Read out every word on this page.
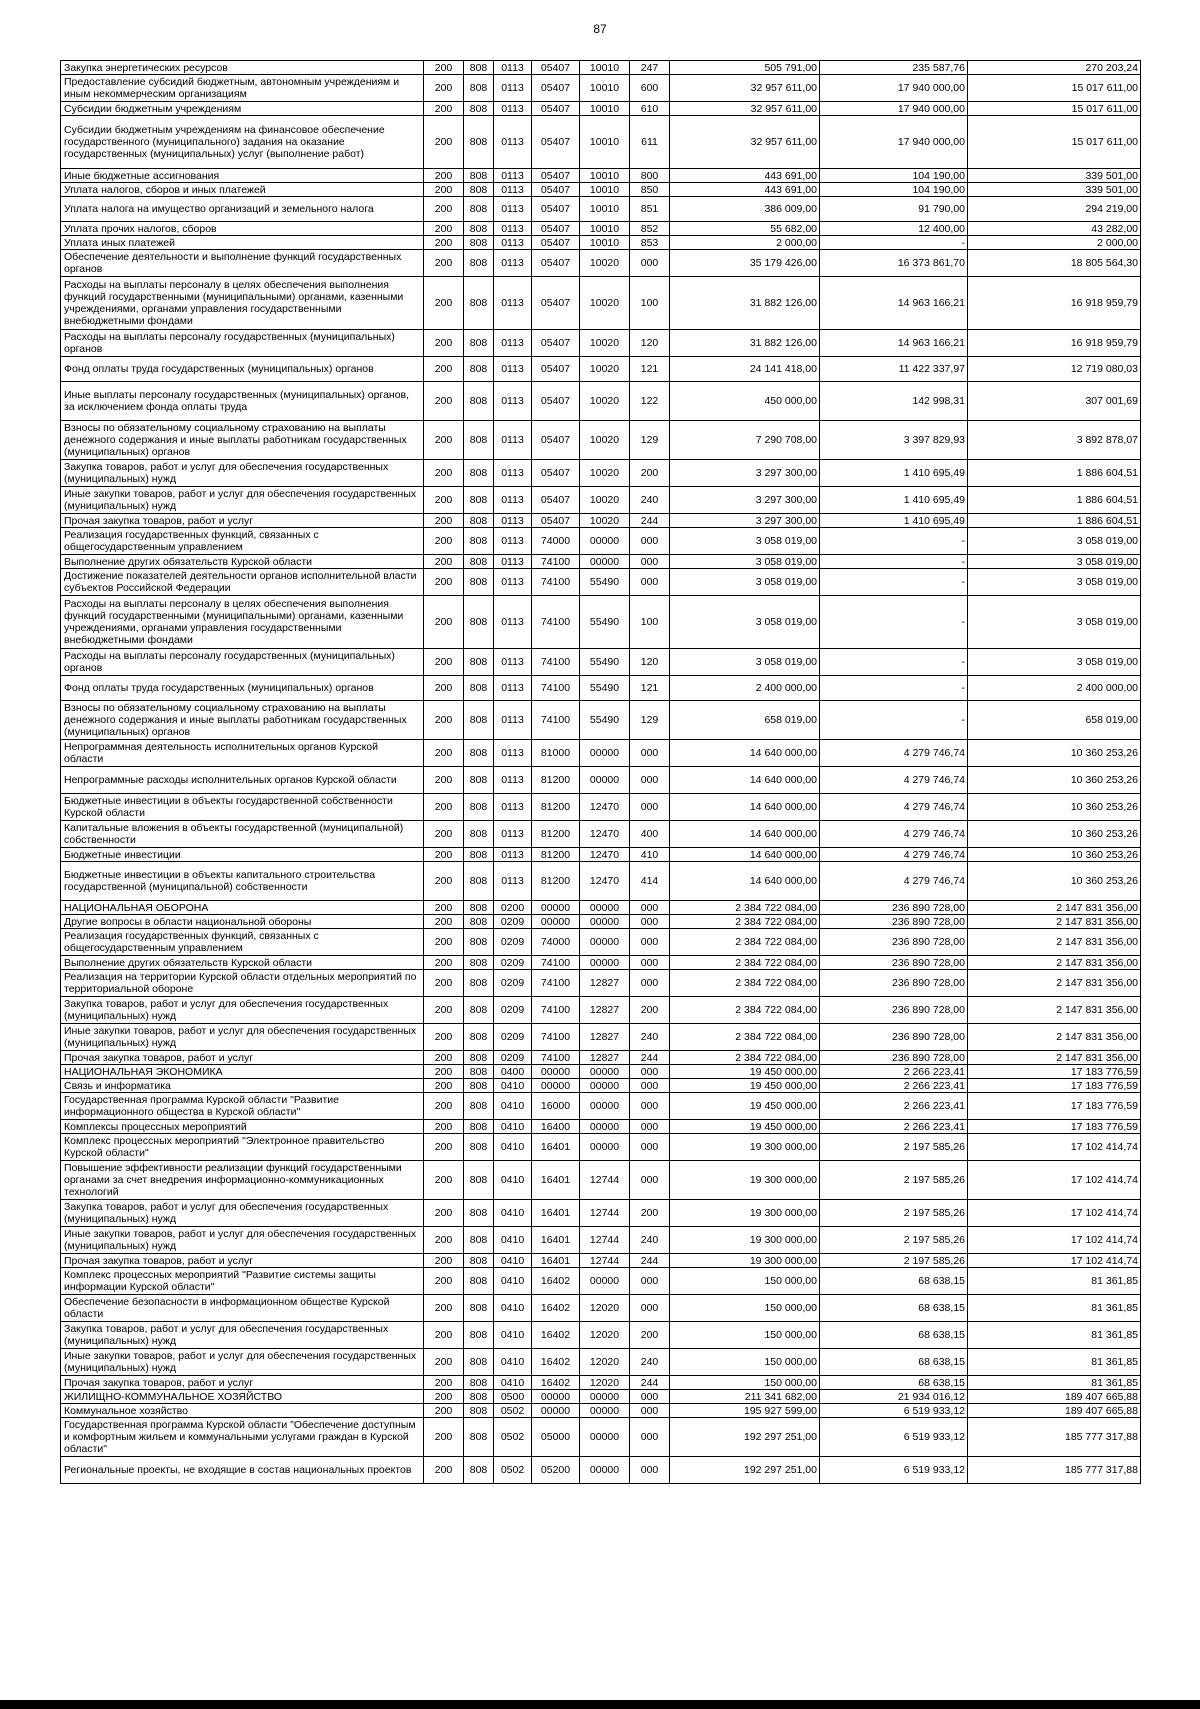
87
Закупка энергетических ресурсов	200	808	0113	05407	10010	247	505 791,00	235 587,76	270 203,24
Предоставление субсидий бюджетным, автономным учреждениям и иным некоммерческим организациям	200	808	0113	05407	10010	600	32 957 611,00	17 940 000,00	15 017 611,00
Субсидии бюджетным учреждениям	200	808	0113	05407	10010	610	32 957 611,00	17 940 000,00	15 017 611,00
Субсидии бюджетным учреждениям на финансовое обеспечение государственного (муниципального) задания на оказание государственных (муниципальных) услуг (выполнение работ)	200	808	0113	05407	10010	611	32 957 611,00	17 940 000,00	15 017 611,00
Иные бюджетные ассигнования	200	808	0113	05407	10010	800	443 691,00	104 190,00	339 501,00
Уплата налогов, сборов и иных платежей	200	808	0113	05407	10010	850	443 691,00	104 190,00	339 501,00
Уплата налога на имущество организаций и земельного налога	200	808	0113	05407	10010	851	386 009,00	91 790,00	294 219,00
Уплата прочих налогов, сборов	200	808	0113	05407	10010	852	55 682,00	12 400,00	43 282,00
Уплата иных платежей	200	808	0113	05407	10010	853	2 000,00	-	2 000,00
Обеспечение деятельности и выполнение функций государственных органов	200	808	0113	05407	10020	000	35 179 426,00	16 373 861,70	18 805 564,30
Расходы на выплаты персоналу в целях обеспечения выполнения функций государственными (муниципальными) органами, казенными учреждениями, органами управления государственными внебюджетными фондами	200	808	0113	05407	10020	100	31 882 126,00	14 963 166,21	16 918 959,79
Расходы на выплаты персоналу государственных (муниципальных) органов	200	808	0113	05407	10020	120	31 882 126,00	14 963 166,21	16 918 959,79
Фонд оплаты труда государственных (муниципальных) органов	200	808	0113	05407	10020	121	24 141 418,00	11 422 337,97	12 719 080,03
Иные выплаты персоналу государственных (муниципальных) органов, за исключением фонда оплаты труда	200	808	0113	05407	10020	122	450 000,00	142 998,31	307 001,69
Взносы по обязательному социальному страхованию на выплаты денежного содержания и иные выплаты работникам государственных (муниципальных) органов	200	808	0113	05407	10020	129	7 290 708,00	3 397 829,93	3 892 878,07
Закупка товаров, работ и услуг для обеспечения государственных (муниципальных) нужд	200	808	0113	05407	10020	200	3 297 300,00	1 410 695,49	1 886 604,51
Иные закупки товаров, работ и услуг для обеспечения государственных (муниципальных) нужд	200	808	0113	05407	10020	240	3 297 300,00	1 410 695,49	1 886 604,51
Прочая закупка товаров, работ и услуг	200	808	0113	05407	10020	244	3 297 300,00	1 410 695,49	1 886 604,51
Реализация государственных функций, связанных с общегосударственным управлением	200	808	0113	74000	00000	000	3 058 019,00	-	3 058 019,00
Выполнение других обязательств Курской области	200	808	0113	74100	00000	000	3 058 019,00	-	3 058 019,00
Достижение показателей деятельности органов исполнительной власти субъектов Российской Федерации	200	808	0113	74100	55490	000	3 058 019,00	-	3 058 019,00
Расходы на выплаты персоналу в целях обеспечения выполнения функций государственными (муниципальными) органами, казенными учреждениями, органами управления государственными внебюджетными фондами	200	808	0113	74100	55490	100	3 058 019,00	-	3 058 019,00
Расходы на выплаты персоналу государственных (муниципальных) органов	200	808	0113	74100	55490	120	3 058 019,00	-	3 058 019,00
Фонд оплаты труда государственных (муниципальных) органов	200	808	0113	74100	55490	121	2 400 000,00	-	2 400 000,00
Взносы по обязательному социальному страхованию на выплаты денежного содержания и иные выплаты работникам государственных (муниципальных) органов	200	808	0113	74100	55490	129	658 019,00	-	658 019,00
Непрограммная деятельность исполнительных органов Курской области	200	808	0113	81000	00000	000	14 640 000,00	4 279 746,74	10 360 253,26
Непрограммные расходы исполнительных органов Курской области	200	808	0113	81200	00000	000	14 640 000,00	4 279 746,74	10 360 253,26
Бюджетные инвестиции в объекты государственной собственности Курской области	200	808	0113	81200	12470	000	14 640 000,00	4 279 746,74	10 360 253,26
Капитальные вложения в объекты государственной (муниципальной) собственности	200	808	0113	81200	12470	400	14 640 000,00	4 279 746,74	10 360 253,26
Бюджетные инвестиции	200	808	0113	81200	12470	410	14 640 000,00	4 279 746,74	10 360 253,26
Бюджетные инвестиции в объекты капитального строительства государственной (муниципальной) собственности	200	808	0113	81200	12470	414	14 640 000,00	4 279 746,74	10 360 253,26
НАЦИОНАЛЬНАЯ ОБОРОНА	200	808	0200	00000	00000	000	2 384 722 084,00	236 890 728,00	2 147 831 356,00
Другие вопросы в области национальной обороны	200	808	0209	00000	00000	000	2 384 722 084,00	236 890 728,00	2 147 831 356,00
Реализация государственных функций, связанных с общегосударственным управлением	200	808	0209	74000	00000	000	2 384 722 084,00	236 890 728,00	2 147 831 356,00
Выполнение других обязательств Курской области	200	808	0209	74100	00000	000	2 384 722 084,00	236 890 728,00	2 147 831 356,00
Реализация на территории Курской области отдельных мероприятий по территориальной обороне	200	808	0209	74100	12827	000	2 384 722 084,00	236 890 728,00	2 147 831 356,00
Закупка товаров, работ и услуг для обеспечения государственных (муниципальных) нужд	200	808	0209	74100	12827	200	2 384 722 084,00	236 890 728,00	2 147 831 356,00
Иные закупки товаров, работ и услуг для обеспечения государственных (муниципальных) нужд	200	808	0209	74100	12827	240	2 384 722 084,00	236 890 728,00	2 147 831 356,00
Прочая закупка товаров, работ и услуг	200	808	0209	74100	12827	244	2 384 722 084,00	236 890 728,00	2 147 831 356,00
НАЦИОНАЛЬНАЯ ЭКОНОМИКА	200	808	0400	00000	00000	000	19 450 000,00	2 266 223,41	17 183 776,59
Связь и информатика	200	808	0410	00000	00000	000	19 450 000,00	2 266 223,41	17 183 776,59
Государственная программа Курской области "Развитие информационного общества в Курской области"	200	808	0410	16000	00000	000	19 450 000,00	2 266 223,41	17 183 776,59
Комплексы процессных мероприятий	200	808	0410	16400	00000	000	19 450 000,00	2 266 223,41	17 183 776,59
Комплекс процессных мероприятий "Электронное правительство Курской области"	200	808	0410	16401	00000	000	19 300 000,00	2 197 585,26	17 102 414,74
Повышение эффективности реализации функций государственными органами за счет внедрения информационно-коммуникационных технологий	200	808	0410	16401	12744	000	19 300 000,00	2 197 585,26	17 102 414,74
Закупка товаров, работ и услуг для обеспечения государственных (муниципальных) нужд	200	808	0410	16401	12744	200	19 300 000,00	2 197 585,26	17 102 414,74
Иные закупки товаров, работ и услуг для обеспечения государственных (муниципальных) нужд	200	808	0410	16401	12744	240	19 300 000,00	2 197 585,26	17 102 414,74
Прочая закупка товаров, работ и услуг	200	808	0410	16401	12744	244	19 300 000,00	2 197 585,26	17 102 414,74
Комплекс процессных мероприятий "Развитие системы защиты информации Курской области"	200	808	0410	16402	00000	000	150 000,00	68 638,15	81 361,85
Обеспечение безопасности в информационном обществе Курской области	200	808	0410	16402	12020	000	150 000,00	68 638,15	81 361,85
Закупка товаров, работ и услуг для обеспечения государственных (муниципальных) нужд	200	808	0410	16402	12020	200	150 000,00	68 638,15	81 361,85
Иные закупки товаров, работ и услуг для обеспечения государственных (муниципальных) нужд	200	808	0410	16402	12020	240	150 000,00	68 638,15	81 361,85
Прочая закупка товаров, работ и услуг	200	808	0410	16402	12020	244	150 000,00	68 638,15	81 361,85
ЖИЛИЩНО-КОММУНАЛЬНОЕ ХОЗЯЙСТВО	200	808	0500	00000	00000	000	211 341 682,00	21 934 016,12	189 407 665,88
Коммунальное хозяйство	200	808	0502	00000	00000	000	195 927 599,00	6 519 933,12	189 407 665,88
Государственная программа Курской области "Обеспечение доступным и комфортным жильем и коммунальными услугами граждан в Курской области"	200	808	0502	05000	00000	000	192 297 251,00	6 519 933,12	185 777 317,88
Региональные проекты, не входящие в состав национальных проектов	200	808	0502	05200	00000	000	192 297 251,00	6 519 933,12	185 777 317,88
